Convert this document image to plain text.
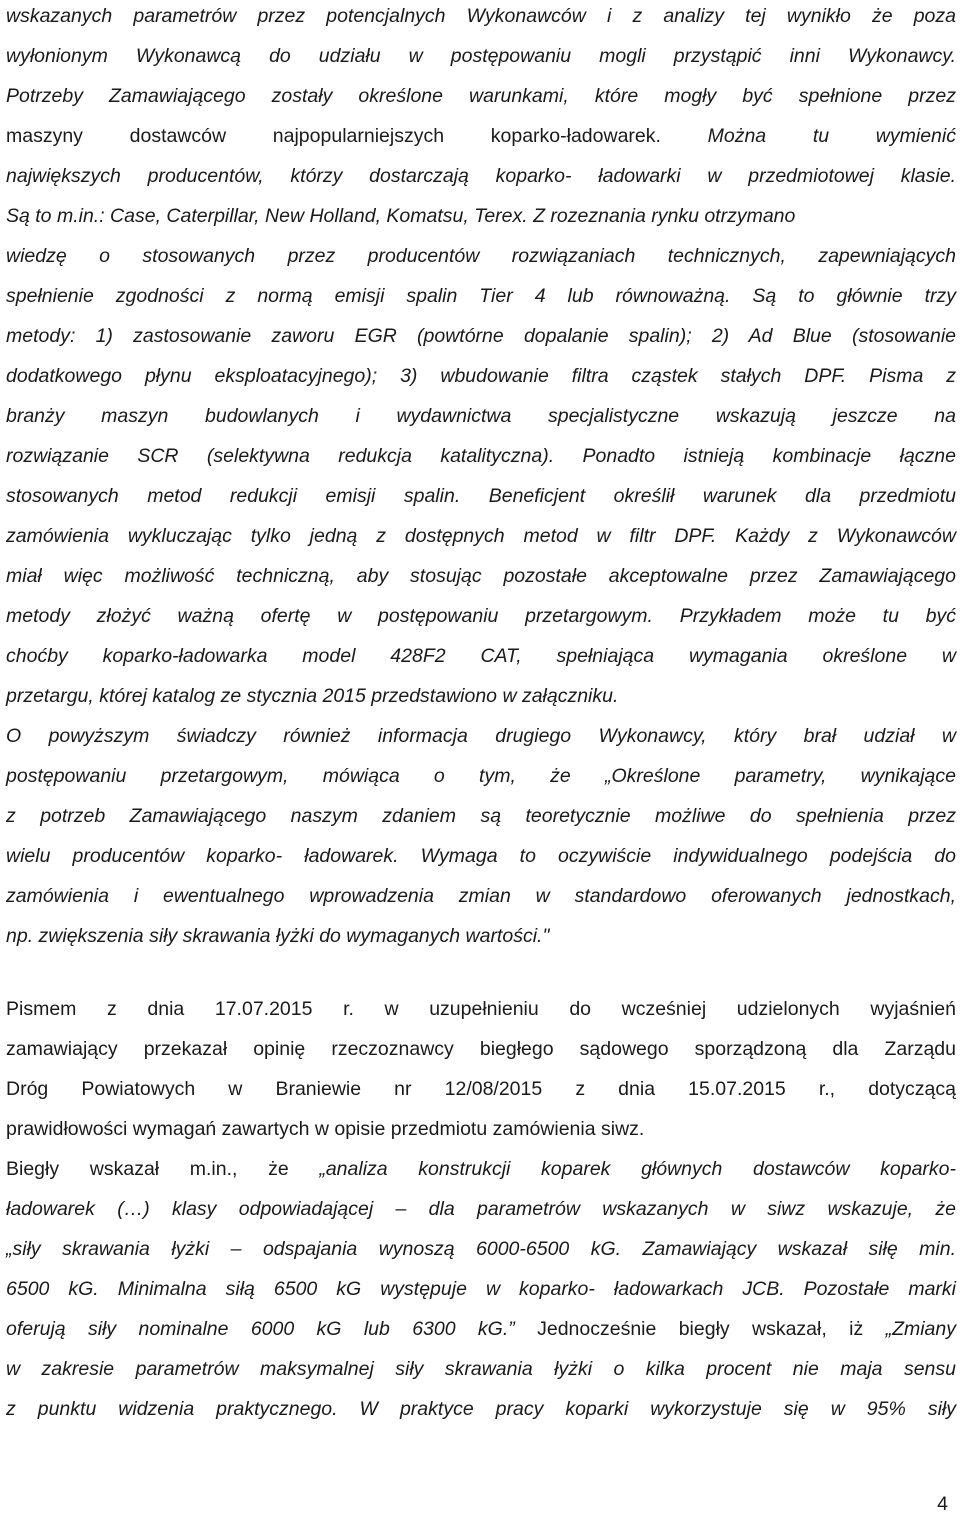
wskazanych parametrów przez potencjalnych Wykonawców i z analizy tej wynikło że poza
wyłonionym Wykonawcą do udziału w postępowaniu mogli przystąpić inni Wykonawcy.
Potrzeby Zamawiającego zostały określone warunkami, które mogły być spełnione przez
maszyny dostawców najpopularniejszych koparko-ładowarek. Można tu wymienić
największych producentów, którzy dostarczają koparko- ładowarki w przedmiotowej klasie.
Są to m.in.: Case, Caterpillar, New Holland, Komatsu, Terex. Z rozeznania rynku otrzymano
wiedzę o stosowanych przez producentów rozwiązaniach technicznych, zapewniających
spełnienie zgodności z normą emisji spalin Tier 4 lub równoważną. Są to głównie trzy
metody: 1) zastosowanie zaworu EGR (powtórne dopalanie spalin); 2) Ad Blue (stosowanie
dodatkowego płynu eksploatacyjnego); 3) wbudowanie filtra cząstek stałych DPF. Pisma z
branży maszyn budowlanych i wydawnictwa specjalistyczne wskazują jeszcze na
rozwiązanie SCR (selektywna redukcja katalityczna). Ponadto istnieją kombinacje łączne
stosowanych metod redukcji emisji spalin. Beneficjent określił warunek dla przedmiotu
zamówienia wykluczając tylko jedną z dostępnych metod w filtr DPF. Każdy z Wykonawców
miał więc możliwość techniczną, aby stosując pozostałe akceptowalne przez Zamawiającego
metody złożyć ważną ofertę w postępowaniu przetargowym. Przykładem może tu być
choćby koparko-ładowarka model 428F2 CAT, spełniająca wymagania określone w
przetargu, której katalog ze stycznia 2015 przedstawiono w załączniku.
O powyższym świadczy również informacja drugiego Wykonawcy, który brał udział w
postępowaniu przetargowym, mówiąca o tym, że „Określone parametry, wynikające
z potrzeb Zamawiającego naszym zdaniem są teoretycznie możliwe do spełnienia przez
wielu producentów koparko- ładowarek. Wymaga to oczywiście indywidualnego podejścia do
zamówienia i ewentualnego wprowadzenia zmian w standardowo oferowanych jednostkach,
np. zwiększenia siły skrawania łyżki do wymaganych wartości."
Pismem z dnia 17.07.2015 r. w uzupełnieniu do wcześniej udzielonych wyjaśnień
zamawiający przekazał opinię rzeczoznawcy biegłego sądowego sporządzoną dla Zarządu
Dróg Powiatowych w Braniewie nr 12/08/2015 z dnia 15.07.2015 r., dotyczącą
prawidłowości wymagań zawartych w opisie przedmiotu zamówienia siwz.
Biegły wskazał m.in., że „analiza konstrukcji koparek głównych dostawców koparko-
ładowarek (…) klasy odpowiadającej – dla parametrów wskazanych w siwz wskazuje, że
„siły skrawania łyżki – odspajania wynoszą 6000-6500 kG. Zamawiający wskazał siłę min.
6500 kG. Minimalna siłą 6500 kG występuje w koparko- ładowarkach JCB. Pozostałe marki
oferują siły nominalne 6000 kG lub 6300 kG.” Jednocześnie biegły wskazał, iż „Zmiany
w zakresie parametrów maksymalnej siły skrawania łyżki o kilka procent nie maja sensu
z punktu widzenia praktycznego. W praktyce pracy koparki wykorzystuje się w 95% siły
4
